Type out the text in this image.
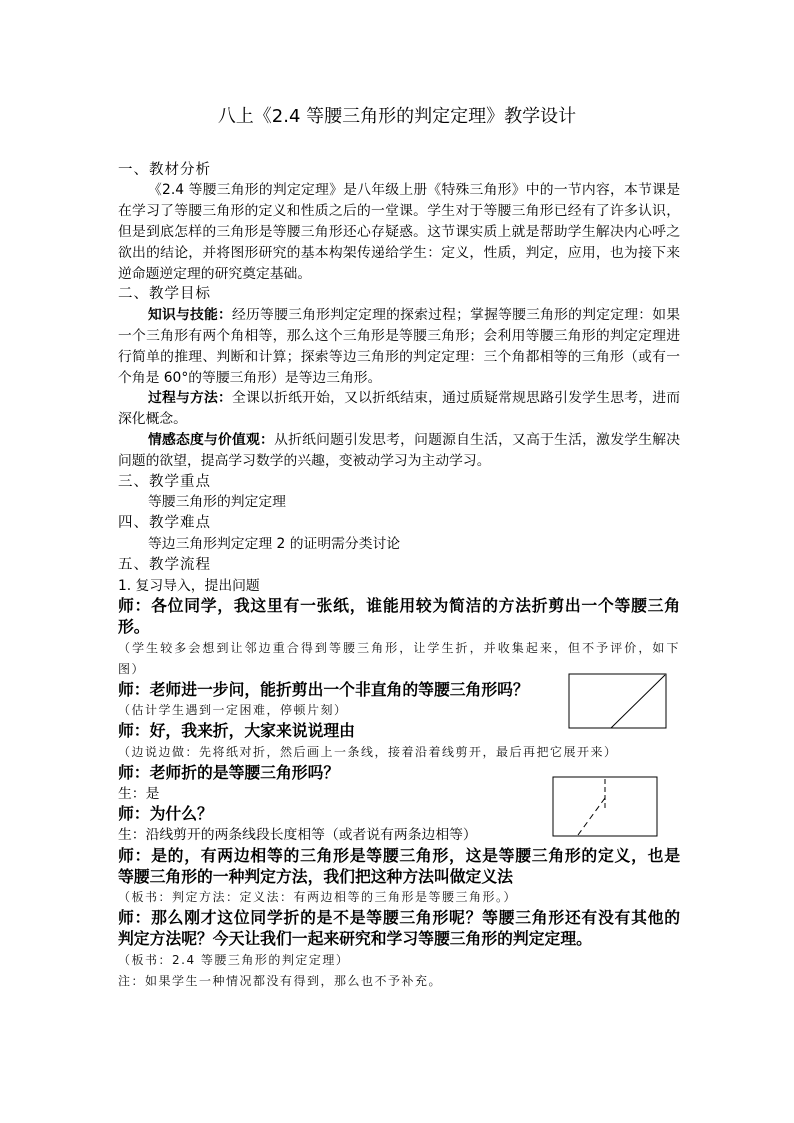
八上《2.4 等腰三角形的判定定理》教学设计
一、教材分析
《2.4 等腰三角形的判定定理》是八年级上册《特殊三角形》中的一节内容，本节课是
在学习了等腰三角形的定义和性质之后的一堂课。学生对于等腰三角形已经有了许多认识，
但是到底怎样的三角形是等腰三角形还心存疑惑。这节课实质上就是帮助学生解决内心呼之
欲出的结论，并将图形研究的基本构架传递给学生：定义，性质，判定，应用，也为接下来
逆命题逆定理的研究奠定基础。
二、教学目标
知识与技能：经历等腰三角形判定定理的探索过程；掌握等腰三角形的判定定理：如果
一个三角形有两个角相等，那么这个三角形是等腰三角形；会利用等腰三角形的判定定理进
行简单的推理、判断和计算；探索等边三角形的判定定理：三个角都相等的三角形（或有一
个角是 60°的等腰三角形）是等边三角形。
过程与方法：全课以折纸开始，又以折纸结束，通过质疑常规思路引发学生思考，进而
深化概念。
情感态度与价值观：从折纸问题引发思考，问题源自生活，又高于生活，激发学生解决
问题的欲望，提高学习数学的兴趣，变被动学习为主动学习。
三、教学重点
等腰三角形的判定定理
四、教学难点
等边三角形判定定理 2 的证明需分类讨论
五、教学流程
1. 复习导入，提出问题
师：各位同学，我这里有一张纸，谁能用较为简洁的方法折剪出一个等腰三角
形。
（学生较多会想到让邻边重合得到等腰三角形，让学生折，并收集起来，但不予评价，如下
图）
师：老师进一步问，能折剪出一个非直角的等腰三角形吗？
（估计学生遇到一定困难，停顿片刻）
师：好，我来折，大家来说说理由
（边说边做：先将纸对折，然后画上一条线，接着沿着线剪开，最后再把它展开来）
师：老师折的是等腰三角形吗？
生：是
师：为什么？
生：沿线剪开的两条线段长度相等（或者说有两条边相等）
师：是的，有两边相等的三角形是等腰三角形，这是等腰三角形的定义，也是
等腰三角形的一种判定方法，我们把这种方法叫做定义法
（板书：判定方法：定义法：有两边相等的三角形是等腰三角形。）
师：那么刚才这位同学折的是不是等腰三角形呢？等腰三角形还有没有其他的
判定方法呢？今天让我们一起来研究和学习等腰三角形的判定定理。
（板书：2.4 等腰三角形的判定定理）
注：如果学生一种情况都没有得到，那么也不予补充。
